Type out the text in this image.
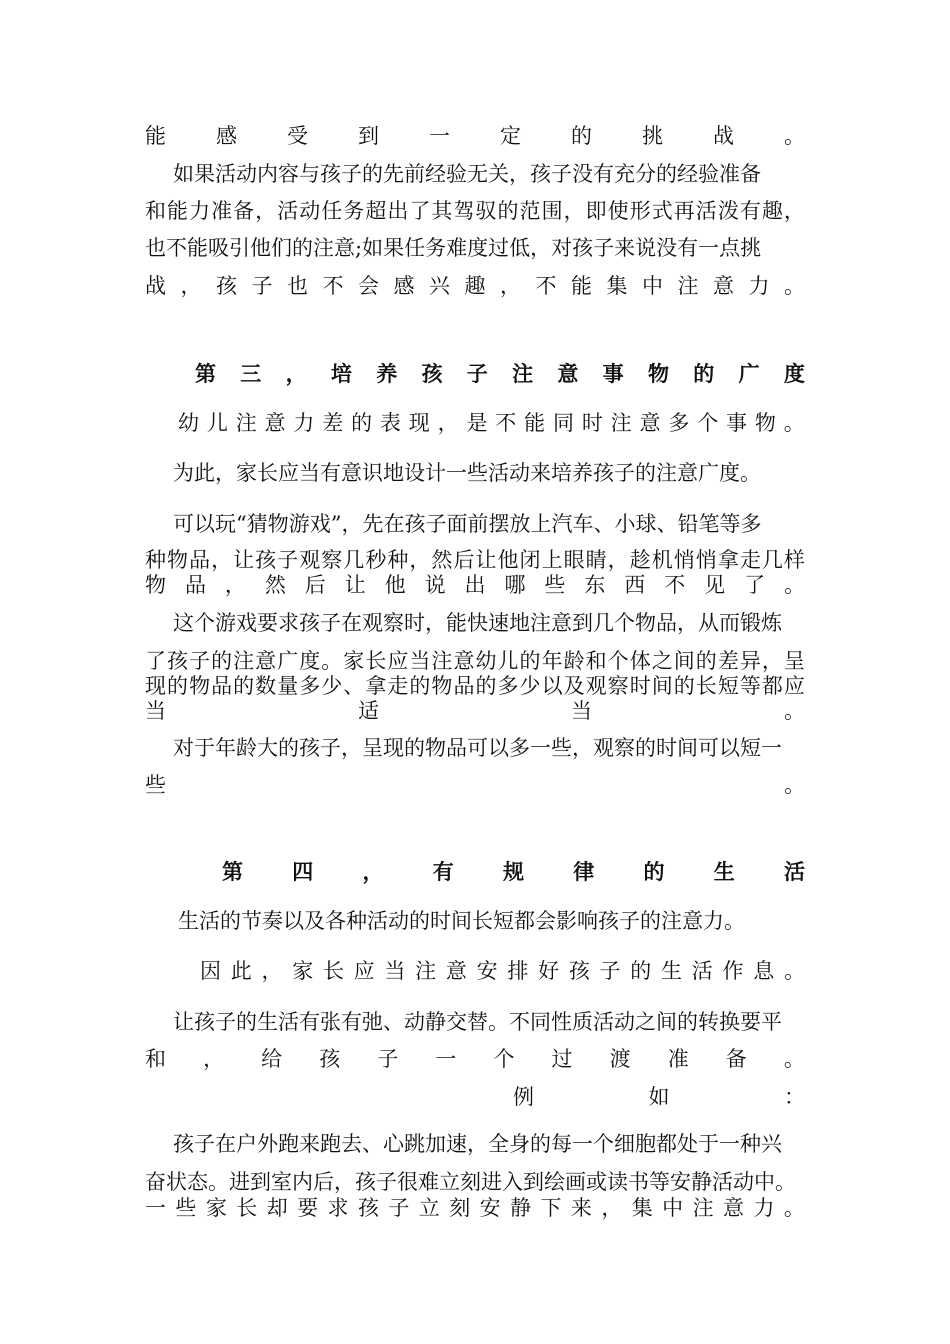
能 感 受 到 一 定 的 挑 战 。
如果活动内容与孩子的先前经验无关，孩子没有充分的经验准备
和 能 力 准 备 ， 活 动 任 务 超 出 了 其 驾 驭 的 范 围 ， 即 使 形 式 再 活 泼 有 趣 ，
也不能吸引他们的注意;如果任务难度过低，对孩子来说没有一点挑
战 ， 孩 子 也 不 会 感 兴 趣 ， 不 能 集 中 注 意 力 。
第 三 ， 培 养 孩 子 注 意 事 物 的 广 度
幼 儿 注 意 力 差 的 表 现 ， 是 不 能 同 时 注 意 多 个 事 物 。
为此，家长应当有意识地设计一些活动来培养孩子的注意广度。
可以玩“猜物游戏”，先在孩子面前摆放上汽车、小球、铅笔等多
种 物 品 ， 让 孩 子 观 察 几 秒 种 ， 然 后 让 他 闭 上 眼 睛 ， 趁 机 悄 悄 拿 走 几 样
物 品 ， 然 后 让 他 说 出 哪 些 东 西 不 见 了 。
这个游戏要求孩子在观察时，能快速地注意到几个物品，从而锻炼
了 孩 子 的 注 意 广 度 。 家 长 应 当 注 意 幼 儿 的 年 龄 和 个 体 之 间 的 差 异 ， 呈
现 的 物 品 的 数 量 多 少 、 拿 走 的 物 品 的 多 少 以 及 观 察 时 间 的 长 短 等 都 应
当	适	当	。
对于年龄大的孩子，呈现的物品可以多一些，观察的时间可以短一
些	。
第 四 ， 有 规 律 的 生 活
生活的节奏以及各种活动的时间长短都会影响孩子的注意力。
因 此 ， 家 长 应 当 注 意 安 排 好 孩 子 的 生 活 作 息 。
让孩子的生活有张有弛、动静交替。不同性质活动之间的转换要平
和 ， 给 孩 子 一 个 过 渡 准 备 。
例	如	：
孩子在户外跑来跑去、心跳加速，全身的每一个细胞都处于一种兴
奋状态。进到室内后，孩子很难立刻进入到绘画或读书等安静活动中。
一 些 家 长 却 要 求 孩 子 立 刻 安 静 下 来 ， 集 中 注 意 力 。
